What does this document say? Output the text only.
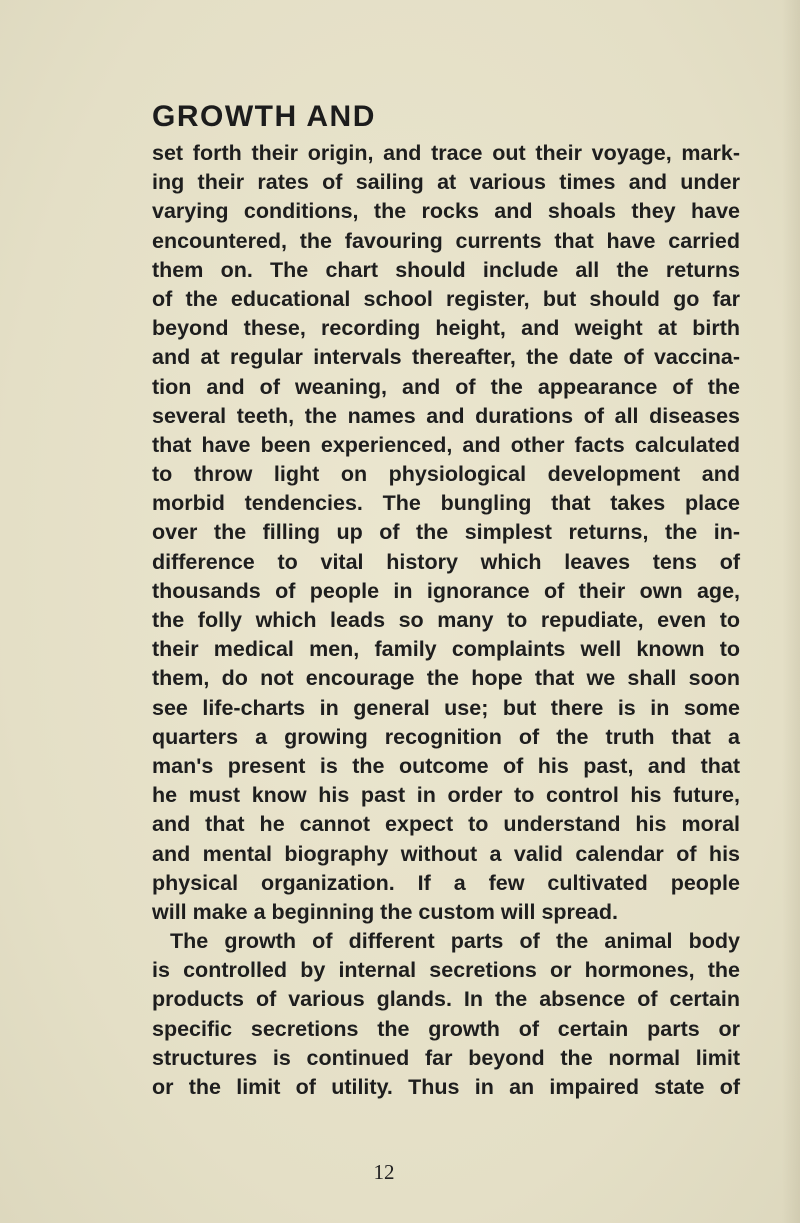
GROWTH AND
set forth their origin, and trace out their voyage, mark-
ing their rates of sailing at various times and under
varying conditions, the rocks and shoals they have
encountered, the favouring currents that have carried
them on. The chart should include all the returns
of the educational school register, but should go far
beyond these, recording height, and weight at birth
and at regular intervals thereafter, the date of vaccina-
tion and of weaning, and of the appearance of the
several teeth, the names and durations of all diseases
that have been experienced, and other facts calculated
to throw light on physiological development and
morbid tendencies. The bungling that takes place
over the filling up of the simplest returns, the in-
difference to vital history which leaves tens of
thousands of people in ignorance of their own age,
the folly which leads so many to repudiate, even to
their medical men, family complaints well known to
them, do not encourage the hope that we shall soon
see life-charts in general use; but there is in some
quarters a growing recognition of the truth that a
man's present is the outcome of his past, and that
he must know his past in order to control his future,
and that he cannot expect to understand his moral
and mental biography without a valid calendar of his
physical organization. If a few cultivated people
will make a beginning the custom will spread.
The growth of different parts of the animal body
is controlled by internal secretions or hormones, the
products of various glands. In the absence of certain
specific secretions the growth of certain parts or
structures is continued far beyond the normal limit
or the limit of utility. Thus in an impaired state of
12
